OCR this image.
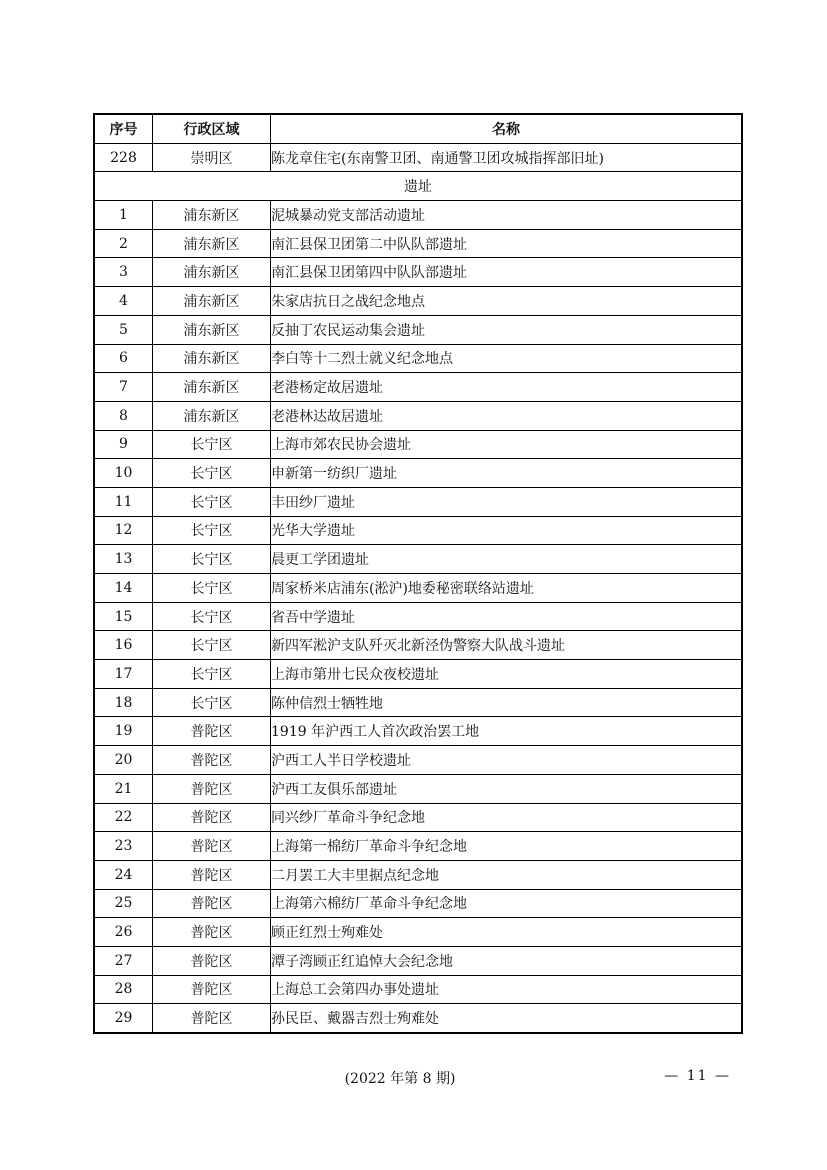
序号	行政区域	名称
228	崇明区	陈龙章住宅(东南警卫团、南通警卫团攻城指挥部旧址)
遗址		
1	浦东新区	泥城暴动党支部活动遗址
2	浦东新区	南汇县保卫团第二中队队部遗址
3	浦东新区	南汇县保卫团第四中队队部遗址
4	浦东新区	朱家店抗日之战纪念地点
5	浦东新区	反抽丁农民运动集会遗址
6	浦东新区	李白等十二烈士就义纪念地点
7	浦东新区	老港杨定故居遗址
8	浦东新区	老港林达故居遗址
9	长宁区	上海市郊农民协会遗址
10	长宁区	申新第一纺织厂遗址
11	长宁区	丰田纱厂遗址
12	长宁区	光华大学遗址
13	长宁区	晨更工学团遗址
14	长宁区	周家桥米店浦东(淞沪)地委秘密联络站遗址
15	长宁区	省吾中学遗址
16	长宁区	新四军淞沪支队歼灭北新泾伪警察大队战斗遗址
17	长宁区	上海市第卅七民众夜校遗址
18	长宁区	陈仲信烈士牺牲地
19	普陀区	1919 年沪西工人首次政治罢工地
20	普陀区	沪西工人半日学校遗址
21	普陀区	沪西工友俱乐部遗址
22	普陀区	同兴纱厂革命斗争纪念地
23	普陀区	上海第一棉纺厂革命斗争纪念地
24	普陀区	二月罢工大丰里据点纪念地
25	普陀区	上海第六棉纺厂革命斗争纪念地
26	普陀区	顾正红烈士殉难处
27	普陀区	潭子湾顾正红追悼大会纪念地
28	普陀区	上海总工会第四办事处遗址
29	普陀区	孙民臣、戴器吉烈士殉难处
(2022 年第 8 期)	— 11 —
